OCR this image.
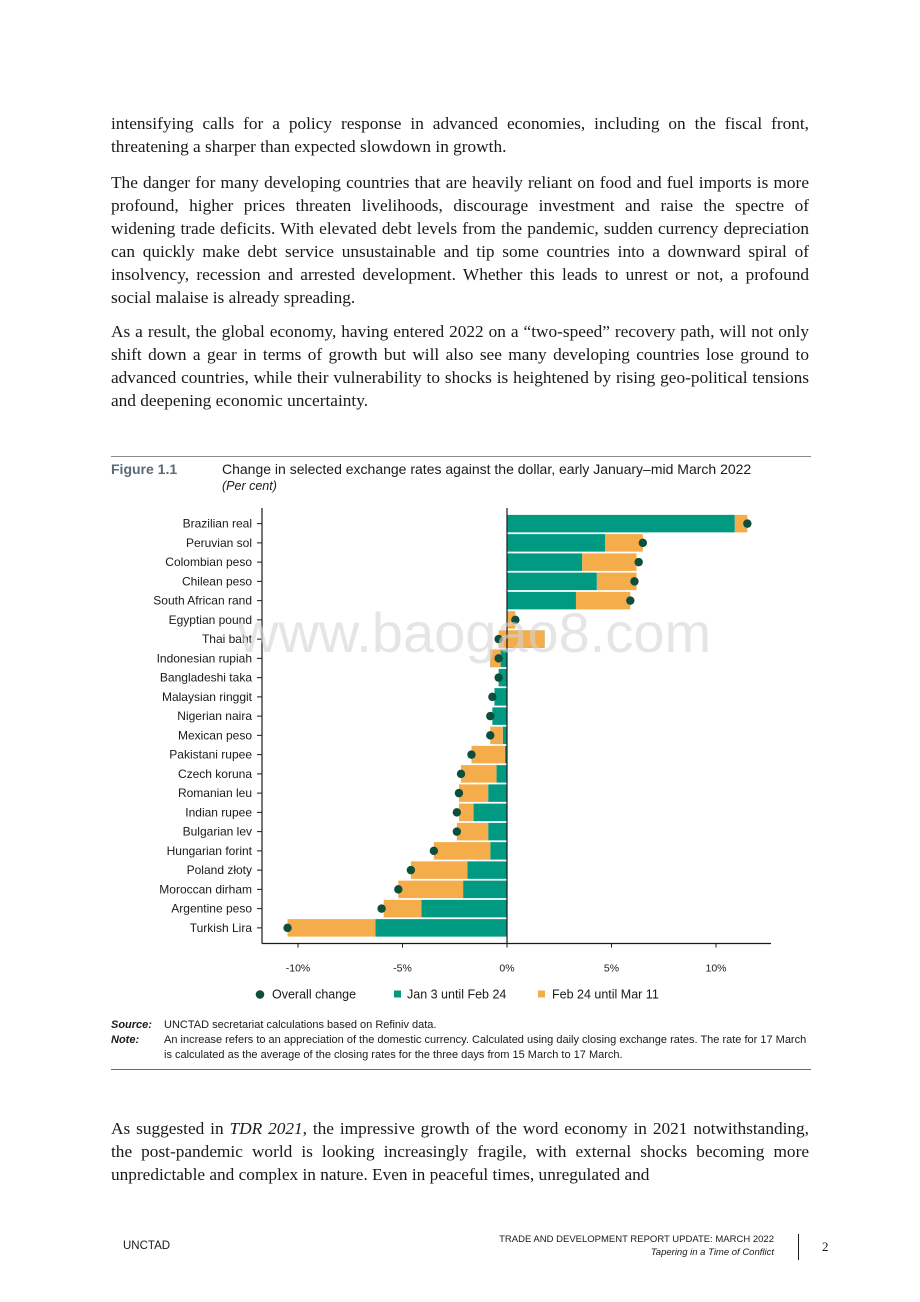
intensifying calls for a policy response in advanced economies, including on the fiscal front, threatening a sharper than expected slowdown in growth.

The danger for many developing countries that are heavily reliant on food and fuel imports is more profound, higher prices threaten livelihoods, discourage investment and raise the spectre of widening trade deficits. With elevated debt levels from the pandemic, sudden currency depreciation can quickly make debt service unsustainable and tip some countries into a downward spiral of insolvency, recession and arrested development. Whether this leads to unrest or not, a profound social malaise is already spreading.

As a result, the global economy, having entered 2022 on a “two-speed” recovery path, will not only shift down a gear in terms of growth but will also see many developing countries lose ground to advanced countries, while their vulnerability to shocks is heightened by rising geo-political tensions and deepening economic uncertainty.

Figure 1.1	Change in selected exchange rates against the dollar, early January–mid March 2022
(Per cent)
Brazilian real
Peruvian sol
Colombian peso
Chilean peso
South African rand
Egyptian pound
Thai baht
Indonesian rupiah
Bangladeshi taka
Malaysian ringgit
Nigerian naira
Mexican peso
Pakistani rupee
Czech koruna
Romanian leu
Indian rupee
Bulgarian lev
Hungarian forint
Poland złoty
Moroccan dirham
Argentine peso
Turkish Lira
-10%	-5%	0%	5%	10%
Overall change	Jan 3 until Feb 24	Feb 24 until Mar 11
Source: UNCTAD secretariat calculations based on Refiniv data.
Note: An increase refers to an appreciation of the domestic currency. Calculated using daily closing exchange rates. The rate for 17 March is calculated as the average of the closing rates for the three days from 15 March to 17 March.
www.baogao8.com

As suggested in TDR 2021, the impressive growth of the word economy in 2021 notwithstanding, the post-pandemic world is looking increasingly fragile, with external shocks becoming more unpredictable and complex in nature. Even in peaceful times, unregulated and

UNCTAD
TRADE AND DEVELOPMENT REPORT UPDATE: MARCH 2022
Tapering in a Time of Conflict	2
